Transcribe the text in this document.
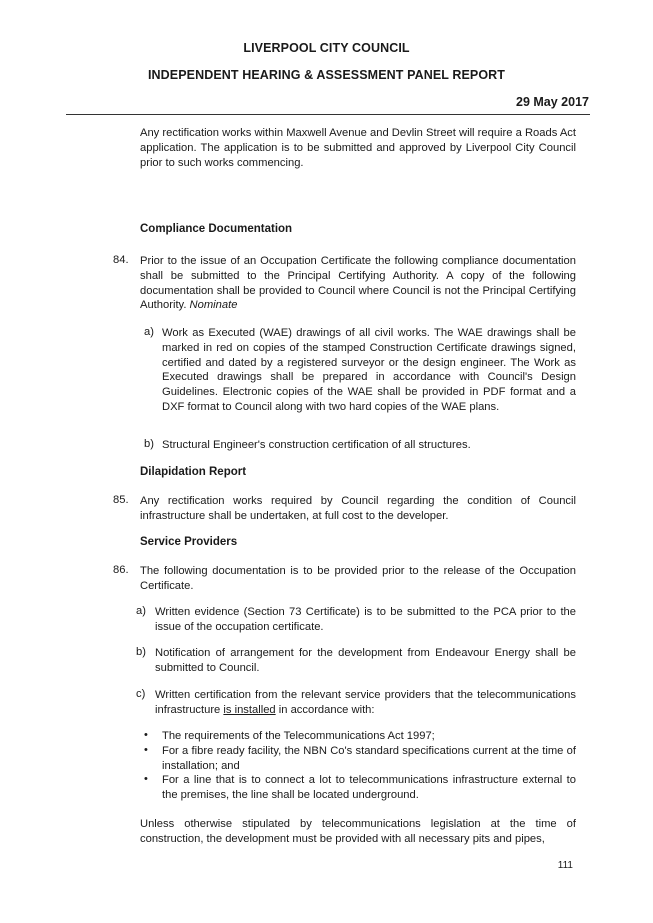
LIVERPOOL CITY COUNCIL
INDEPENDENT HEARING & ASSESSMENT PANEL REPORT
29 May 2017
Any rectification works within Maxwell Avenue and Devlin Street will require a Roads Act application. The application is to be submitted and approved by Liverpool City Council prior to such works commencing.
Compliance Documentation
84. Prior to the issue of an Occupation Certificate the following compliance documentation shall be submitted to the Principal Certifying Authority. A copy of the following documentation shall be provided to Council where Council is not the Principal Certifying Authority. Nominate
a) Work as Executed (WAE) drawings of all civil works. The WAE drawings shall be marked in red on copies of the stamped Construction Certificate drawings signed, certified and dated by a registered surveyor or the design engineer. The Work as Executed drawings shall be prepared in accordance with Council's Design Guidelines. Electronic copies of the WAE shall be provided in PDF format and a DXF format to Council along with two hard copies of the WAE plans.
b) Structural Engineer's construction certification of all structures.
Dilapidation Report
85. Any rectification works required by Council regarding the condition of Council infrastructure shall be undertaken, at full cost to the developer.
Service Providers
86. The following documentation is to be provided prior to the release of the Occupation Certificate.
a) Written evidence (Section 73 Certificate) is to be submitted to the PCA prior to the issue of the occupation certificate.
b) Notification of arrangement for the development from Endeavour Energy shall be    submitted to Council.
c) Written certification from the relevant service providers that the telecommunications infrastructure is installed in accordance with:
• The requirements of the Telecommunications Act 1997;
• For a fibre ready facility, the NBN Co's standard specifications current at the time of installation; and
• For a line that is to connect a lot to telecommunications infrastructure external to the premises, the line shall be located underground.
Unless otherwise stipulated by telecommunications legislation at the time of construction, the development must be provided with all necessary pits and pipes,
111
